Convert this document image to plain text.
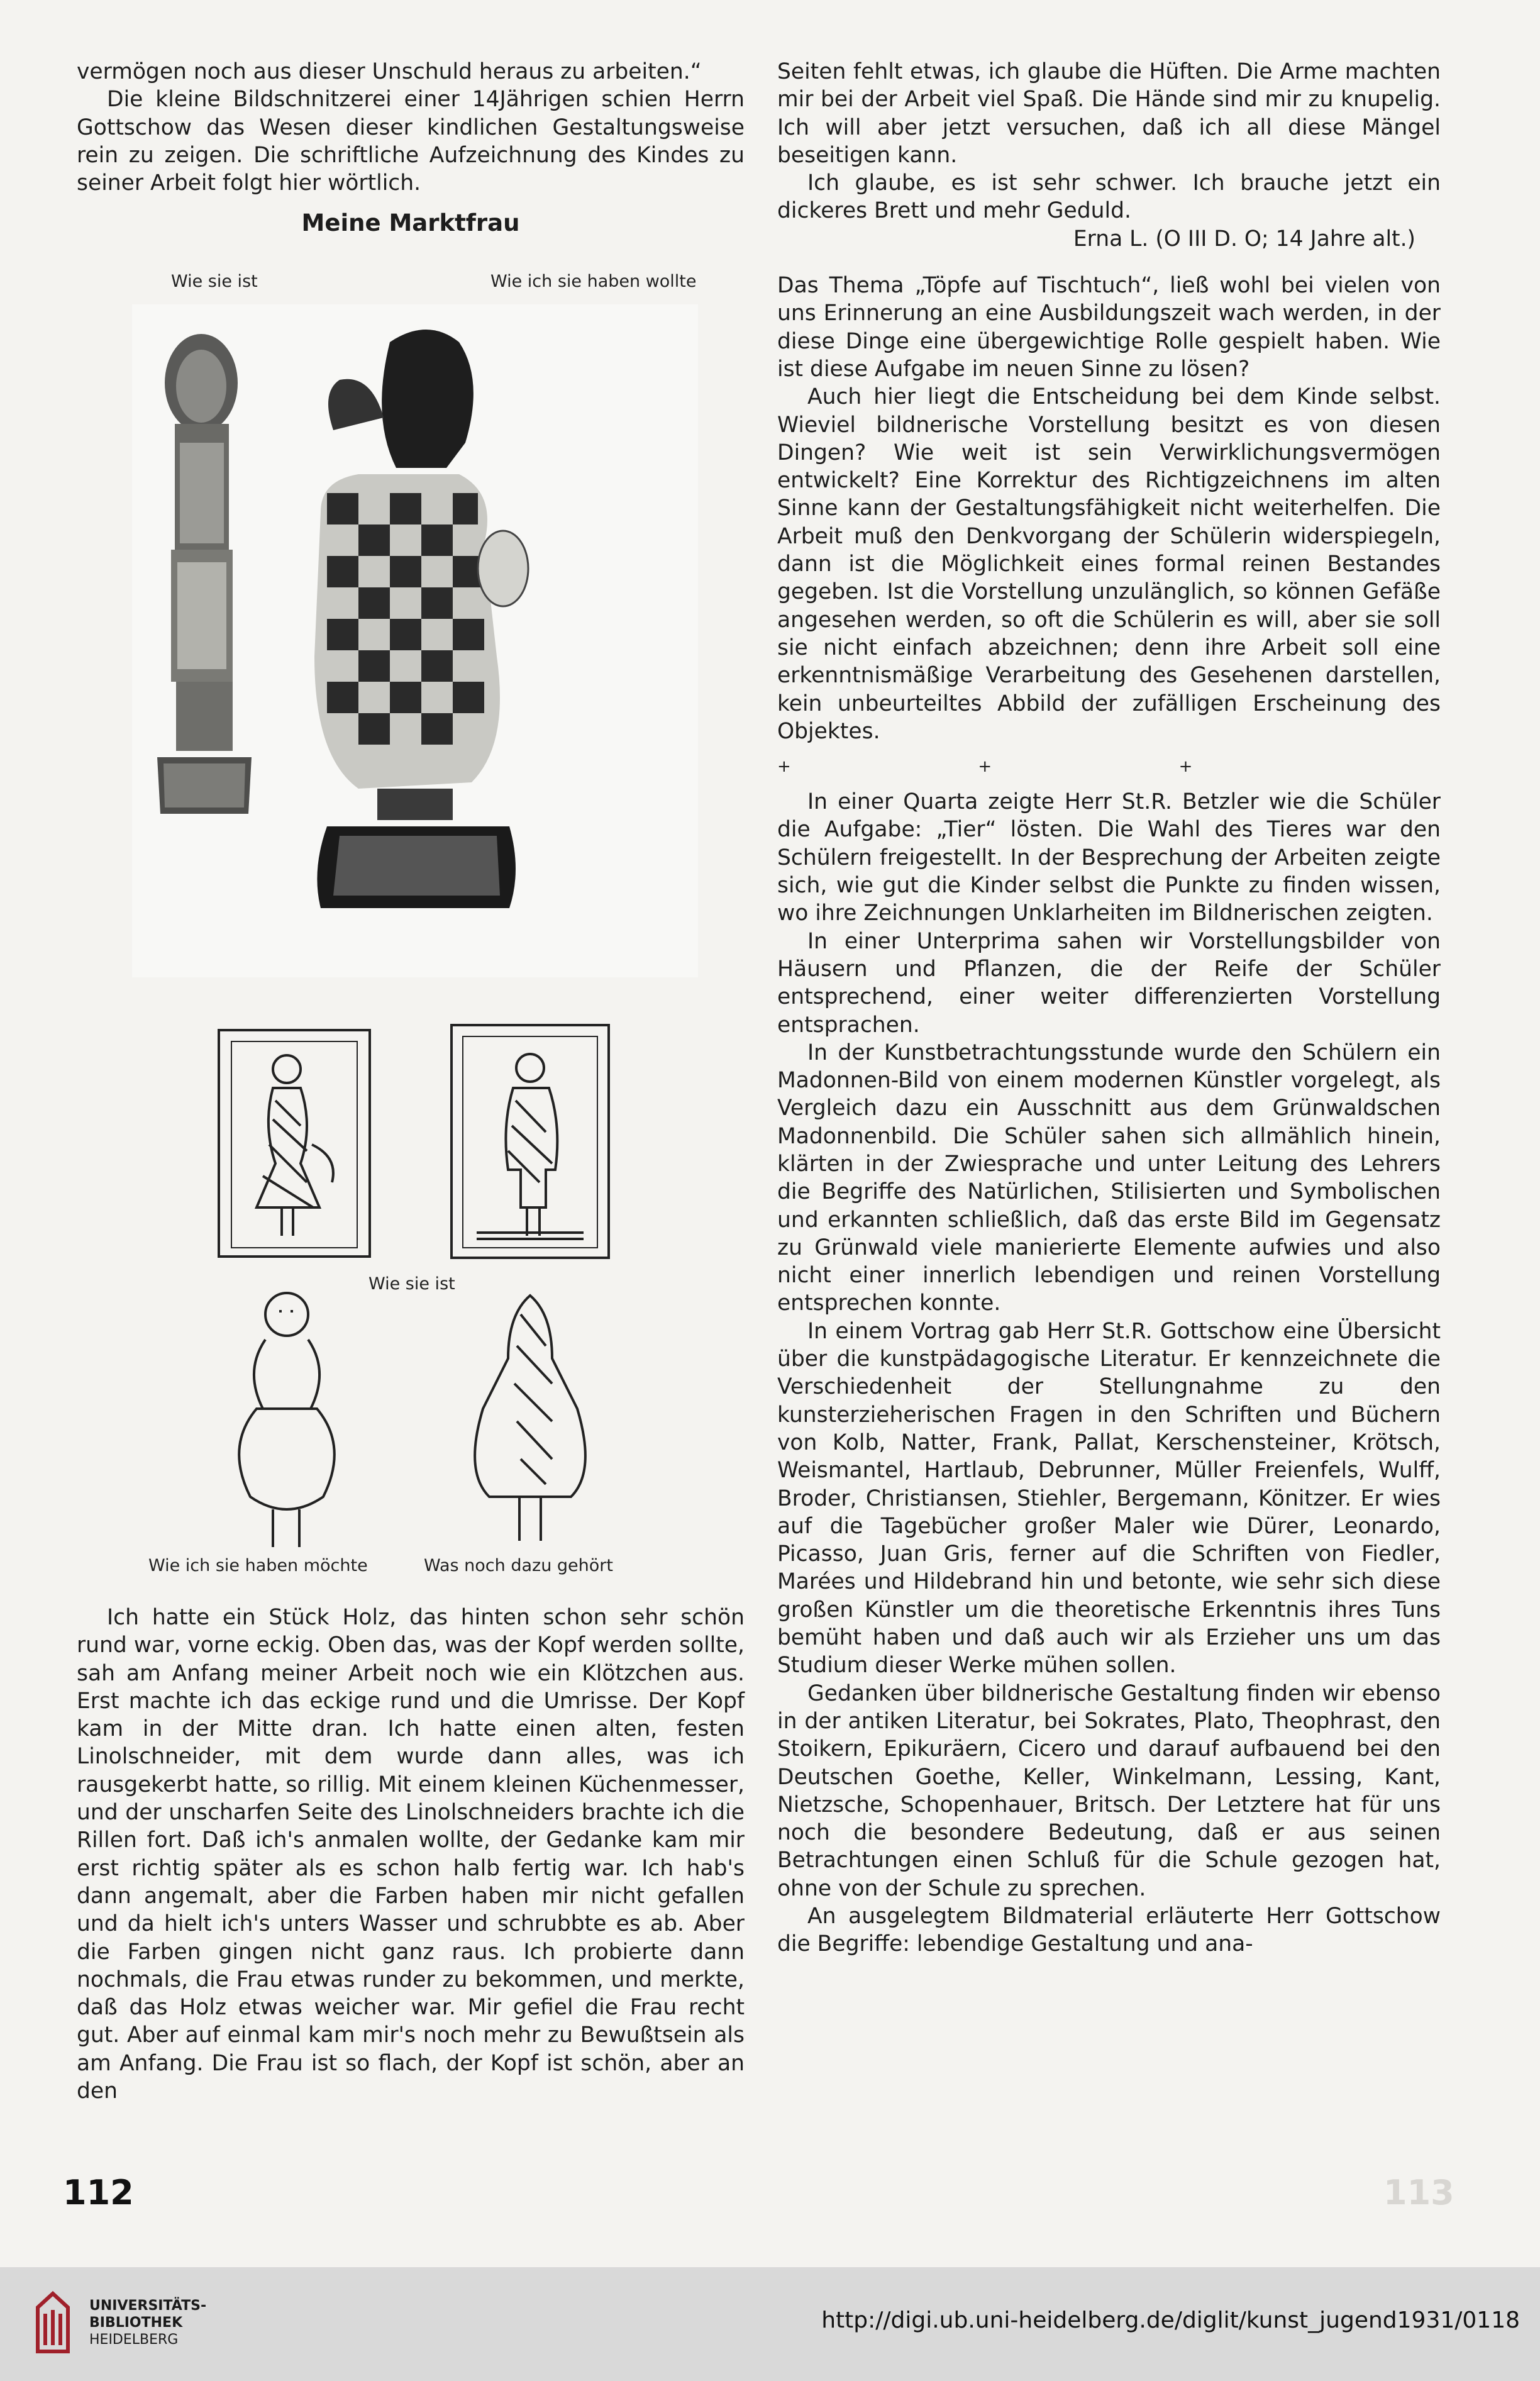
vermögen noch aus dieser Unschuld heraus zu arbeiten.“

Die kleine Bildschnitzerei einer 14Jährigen schien Herrn Gottschow das Wesen dieser kindlichen Gestaltungsweise rein zu zeigen. Die schriftliche Aufzeichnung des Kindes zu seiner Arbeit folgt hier wörtlich.

Meine Marktfrau
Wie sie ist	Wie ich sie haben wollte
Wie sie ist
Wie ich sie haben möchte	Was noch dazu gehört

Ich hatte ein Stück Holz, das hinten schon sehr schön rund war, vorne eckig. Oben das, was der Kopf werden sollte, sah am Anfang meiner Arbeit noch wie ein Klötzchen aus. Erst machte ich das eckige rund und die Umrisse. Der Kopf kam in der Mitte dran. Ich hatte einen alten, festen Linolschneider, mit dem wurde dann alles, was ich rausgekerbt hatte, so rillig. Mit einem kleinen Küchenmesser, und der unscharfen Seite des Linolschneiders brachte ich die Rillen fort. Daß ich's anmalen wollte, der Gedanke kam mir erst richtig später als es schon halb fertig war. Ich hab's dann angemalt, aber die Farben haben mir nicht gefallen und da hielt ich's unters Wasser und schrubbte es ab. Aber die Farben gingen nicht ganz raus. Ich probierte dann nochmals, die Frau etwas runder zu bekommen, und merkte, daß das Holz etwas weicher war. Mir gefiel die Frau recht gut. Aber auf einmal kam mir's noch mehr zu Bewußtsein als am Anfang. Die Frau ist so flach, der Kopf ist schön, aber an den

Seiten fehlt etwas, ich glaube die Hüften. Die Arme machten mir bei der Arbeit viel Spaß. Die Hände sind mir zu knupelig. Ich will aber jetzt versuchen, daß ich all diese Mängel beseitigen kann.

Ich glaube, es ist sehr schwer. Ich brauche jetzt ein dickeres Brett und mehr Geduld.

Erna L. (O III D. O; 14 Jahre alt.)

Das Thema „Töpfe auf Tischtuch“, ließ wohl bei vielen von uns Erinnerung an eine Ausbildungszeit wach werden, in der diese Dinge eine übergewichtige Rolle gespielt haben. Wie ist diese Aufgabe im neuen Sinne zu lösen?

Auch hier liegt die Entscheidung bei dem Kinde selbst. Wieviel bildnerische Vorstellung besitzt es von diesen Dingen? Wie weit ist sein Verwirklichungsvermögen entwickelt? Eine Korrektur des Richtigzeichnens im alten Sinne kann der Gestaltungsfähigkeit nicht weiterhelfen. Die Arbeit muß den Denkvorgang der Schülerin widerspiegeln, dann ist die Möglichkeit eines formal reinen Bestandes gegeben. Ist die Vorstellung unzulänglich, so können Gefäße angesehen werden, so oft die Schülerin es will, aber sie soll sie nicht einfach abzeichnen; denn ihre Arbeit soll eine erkenntnismäßige Verarbeitung des Gesehenen darstellen, kein unbeurteiltes Abbild der zufälligen Erscheinung des Objektes.

+                                    +                                    +

In einer Quarta zeigte Herr St.R. Betzler wie die Schüler die Aufgabe: „Tier“ lösten. Die Wahl des Tieres war den Schülern freigestellt. In der Besprechung der Arbeiten zeigte sich, wie gut die Kinder selbst die Punkte zu finden wissen, wo ihre Zeichnungen Unklarheiten im Bildnerischen zeigten.

In einer Unterprima sahen wir Vorstellungsbilder von Häusern und Pflanzen, die der Reife der Schüler entsprechend, einer weiter differenzierten Vorstellung entsprachen.

In der Kunstbetrachtungsstunde wurde den Schülern ein Madonnen-Bild von einem modernen Künstler vorgelegt, als Vergleich dazu ein Ausschnitt aus dem Grünwaldschen Madonnenbild. Die Schüler sahen sich allmählich hinein, klärten in der Zwiesprache und unter Leitung des Lehrers die Begriffe des Natürlichen, Stilisierten und Symbolischen und erkannten schließlich, daß das erste Bild im Gegensatz zu Grünwald viele manierierte Elemente aufwies und also nicht einer innerlich lebendigen und reinen Vorstellung entsprechen konnte.

In einem Vortrag gab Herr St.R. Gottschow eine Übersicht über die kunstpädagogische Literatur. Er kennzeichnete die Verschiedenheit der Stellungnahme zu den kunsterzieherischen Fragen in den Schriften und Büchern von Kolb, Natter, Frank, Pallat, Kerschensteiner, Krötsch, Weismantel, Hartlaub, Debrunner, Müller Freienfels, Wulff, Broder, Christiansen, Stiehler, Bergemann, Könitzer. Er wies auf die Tagebücher großer Maler wie Dürer, Leonardo, Picasso, Juan Gris, ferner auf die Schriften von Fiedler, Marées und Hildebrand hin und betonte, wie sehr sich diese großen Künstler um die theoretische Erkenntnis ihres Tuns bemüht haben und daß auch wir als Erzieher uns um das Studium dieser Werke mühen sollen.

Gedanken über bildnerische Gestaltung finden wir ebenso in der antiken Literatur, bei Sokrates, Plato, Theophrast, den Stoikern, Epikuräern, Cicero und darauf aufbauend bei den Deutschen Goethe, Keller, Winkelmann, Lessing, Kant, Nietzsche, Schopenhauer, Britsch. Der Letztere hat für uns noch die besondere Bedeutung, daß er aus seinen Betrachtungen einen Schluß für die Schule gezogen hat, ohne von der Schule zu sprechen.

An ausgelegtem Bildmaterial erläuterte Herr Gottschow die Begriffe: lebendige Gestaltung und ana-

112	113
UNIVERSITÄTS-
BIBLIOTHEK
HEIDELBERG
http://digi.ub.uni-heidelberg.de/diglit/kunst_jugend1931/0118
